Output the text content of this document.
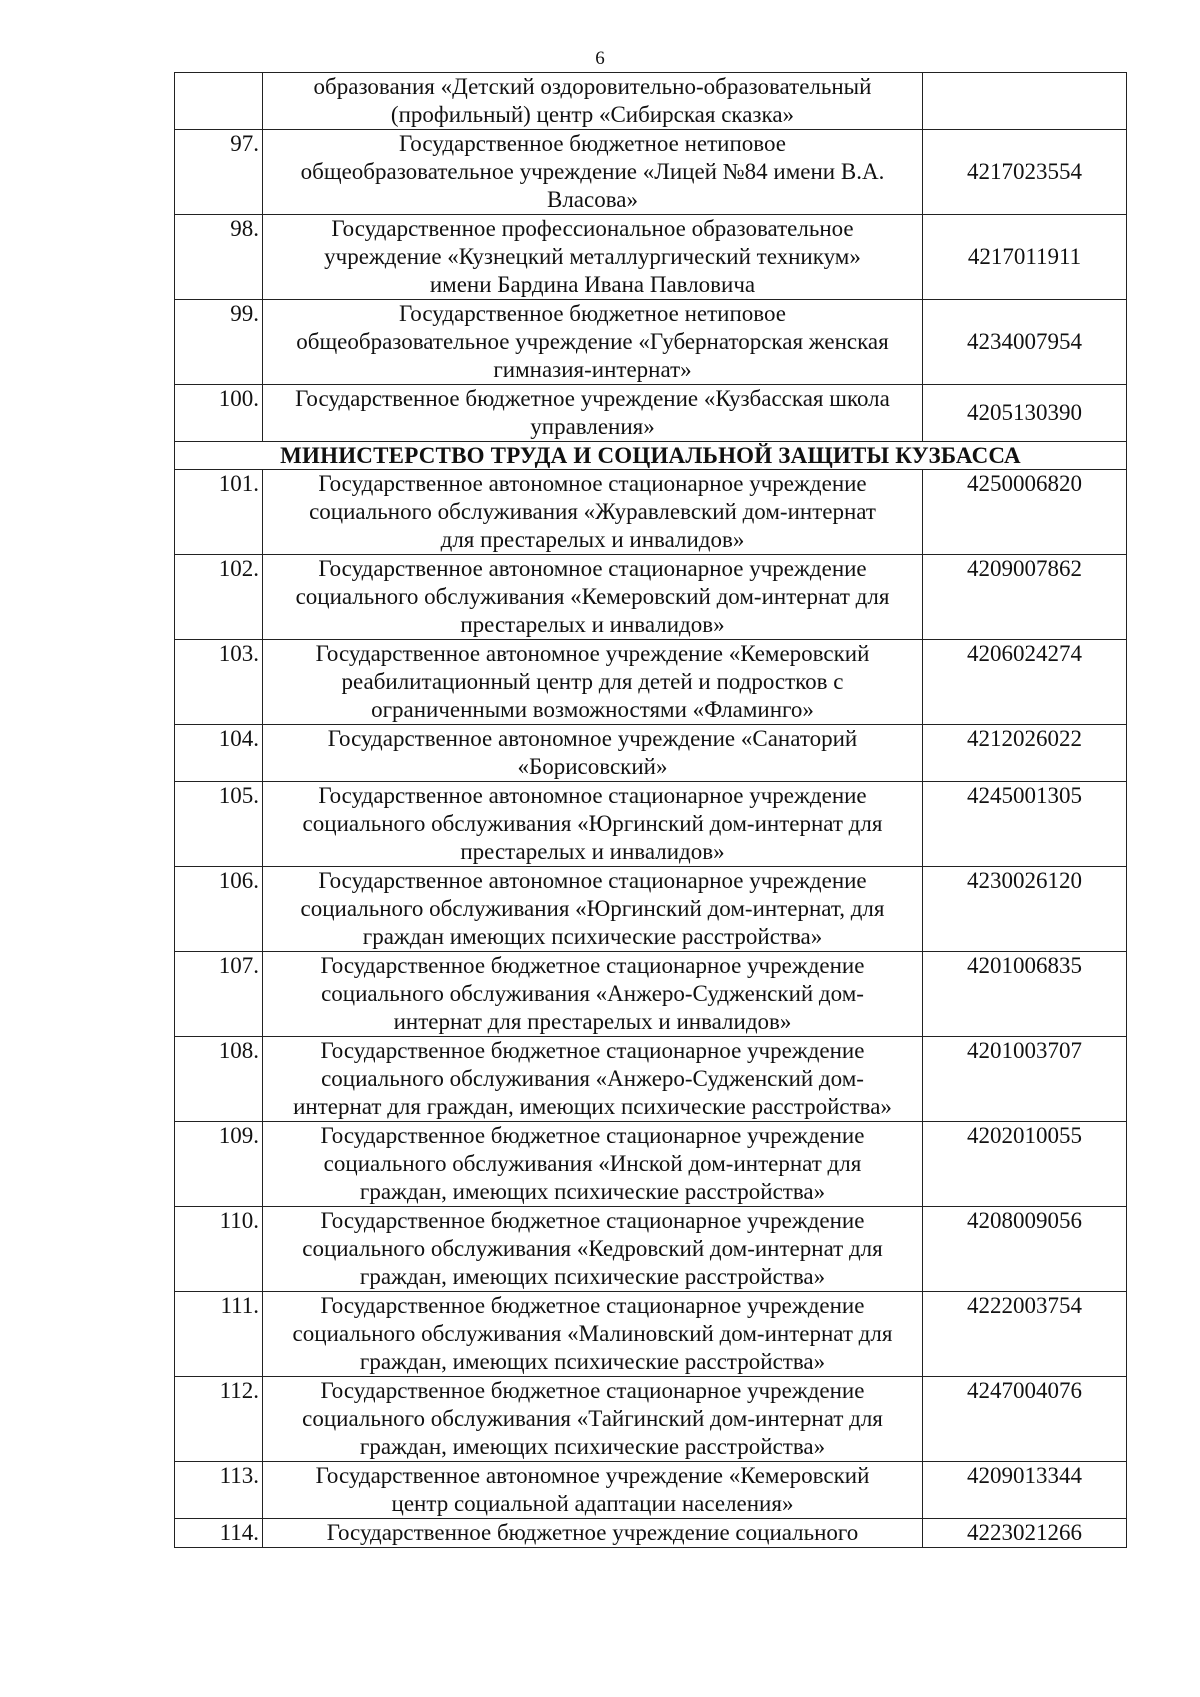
6

	образования «Детский оздоровительно-образовательный
(профильный) центр «Сибирская сказка»	

97.	Государственное бюджетное нетиповое
общеобразовательное учреждение «Лицей №84 имени В.А.
Власова»	4217023554
98.	Государственное профессиональное образовательное
учреждение «Кузнецкий металлургический техникум»
имени Бардина Ивана Павловича	4217011911
99.	Государственное бюджетное нетиповое
общеобразовательное учреждение «Губернаторская женская
гимназия-интернат»	4234007954
100.	Государственное бюджетное учреждение «Кузбасская школа
управления»	4205130390
МИНИСТЕРСТВО ТРУДА И СОЦИАЛЬНОЙ ЗАЩИТЫ КУЗБАССА		
101.	Государственное автономное стационарное учреждение
социального обслуживания «Журавлевский дом-интернат
для престарелых и инвалидов»	4250006820
102.	Государственное автономное стационарное учреждение
социального обслуживания «Кемеровский дом-интернат для
престарелых и инвалидов»	4209007862
103.	Государственное автономное учреждение «Кемеровский
реабилитационный центр для детей и подростков с
ограниченными возможностями «Фламинго»	4206024274
104.	Государственное автономное учреждение «Санаторий
«Борисовский»	4212026022
105.	Государственное автономное стационарное учреждение
социального обслуживания «Юргинский дом-интернат для
престарелых и инвалидов»	4245001305
106.	Государственное автономное стационарное учреждение
социального обслуживания «Юргинский дом-интернат, для
граждан имеющих психические расстройства»	4230026120
107.	Государственное бюджетное стационарное учреждение
социального обслуживания «Анжеро-Судженский дом-
интернат для престарелых и инвалидов»	4201006835
108.	Государственное бюджетное стационарное учреждение
социального обслуживания «Анжеро-Судженский дом-
интернат для граждан, имеющих психические расстройства»	4201003707
109.	Государственное бюджетное стационарное учреждение
социального обслуживания «Инской дом-интернат для
граждан, имеющих психические расстройства»	4202010055
110.	Государственное бюджетное стационарное учреждение
социального обслуживания «Кедровский дом-интернат для
граждан, имеющих психические расстройства»	4208009056
111.	Государственное бюджетное стационарное учреждение
социального обслуживания «Малиновский дом-интернат для
граждан, имеющих психические расстройства»	4222003754
112.	Государственное бюджетное стационарное учреждение
социального обслуживания «Тайгинский дом-интернат для
граждан, имеющих психические расстройства»	4247004076
113.	Государственное автономное учреждение «Кемеровский
центр социальной адаптации населения»	4209013344
114.	Государственное бюджетное учреждение социального	4223021266
